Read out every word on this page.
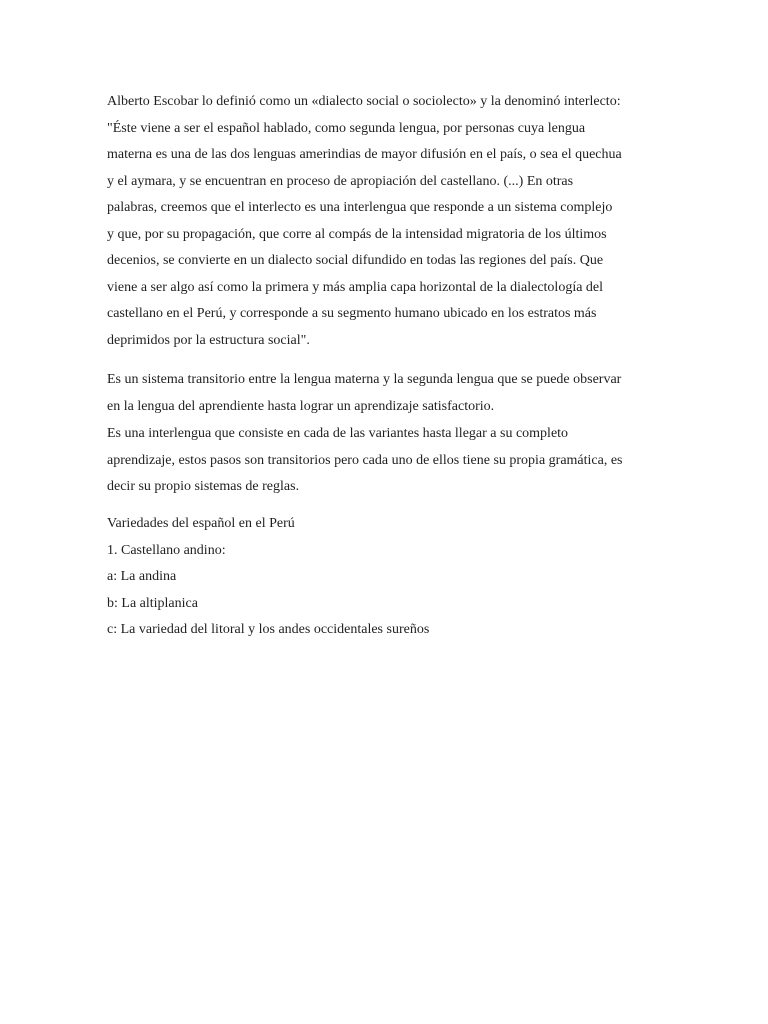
Alberto Escobar lo definió como un «dialecto social o sociolecto» y la denominó interlecto:
"Éste viene a ser el español hablado, como segunda lengua, por personas cuya lengua
materna es una de las dos lenguas amerindias de mayor difusión en el país, o sea el quechua
y el aymara, y se encuentran en proceso de apropiación del castellano. (...) En otras
palabras, creemos que el interlecto es una interlengua que responde a un sistema complejo
y que, por su propagación, que corre al compás de la intensidad migratoria de los últimos
decenios, se convierte en un dialecto social difundido en todas las regiones del país. Que
viene a ser algo así como la primera y más amplia capa horizontal de la dialectología del
castellano en el Perú, y corresponde a su segmento humano ubicado en los estratos más
deprimidos por la estructura social".
Es un sistema transitorio entre la lengua materna y la segunda lengua que se puede observar
en la lengua del aprendiente hasta lograr un aprendizaje satisfactorio.
Es una interlengua que consiste en cada de las variantes hasta llegar a su completo
aprendizaje, estos pasos son transitorios pero cada uno de ellos tiene su propia gramática, es
decir su propio sistemas de reglas.
Variedades del español en el Perú
1. Castellano andino:
a: La andina
b: La altiplanica
c: La variedad del litoral y los andes occidentales sureños
